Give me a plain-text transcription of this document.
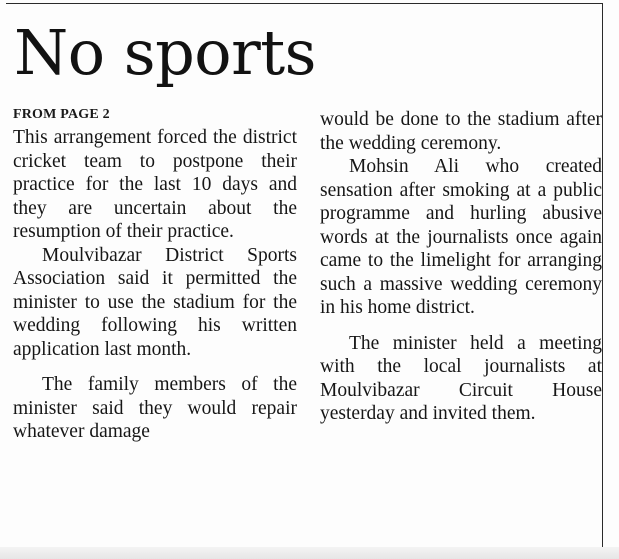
No sports
FROM PAGE 2

This arrangement forced the district cricket team to postpone their practice for the last 10 days and they are uncertain about the resumption of their practice.

Moulvibazar District Sports Association said it permitted the minister to use the stadium for the wedding following his written application last month.

The family members of the minister said they would repair whatever damage

would be done to the stadium after the wedding ceremony.

Mohsin Ali who created sensation after smoking at a public programme and hurling abusive words at the journalists once again came to the limelight for arranging such a massive wedding ceremony in his home district.

The minister held a meeting with the local journalists at Moulvibazar Circuit House yesterday and invited them.
